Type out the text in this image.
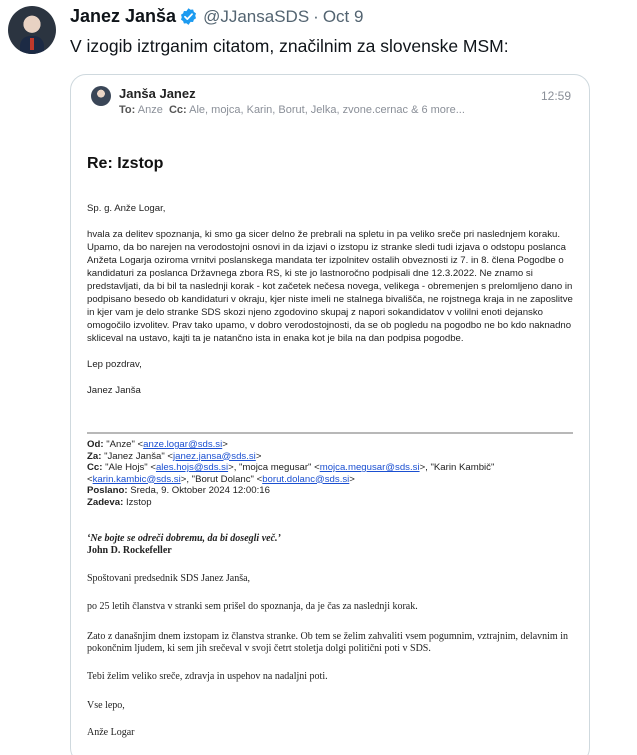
Janez Janša @JJansaSDS · Oct 9
V izogib iztrganim citatom, značilnim za slovenske MSM:
Janša Janez
To: Anze Cc: Ale, mojca, Karin, Borut, Jelka, zvone.cernac & 6 more...
12:59
Re: Izstop

Sp. g. Anže Logar,

hvala za delitev spoznanja, ki smo ga sicer delno že prebrali na spletu in pa veliko sreče pri naslednjem koraku. Upamo, da bo narejen na verodostojni osnovi in da izjavi o izstopu iz stranke sledi tudi izjava o odstopu poslanca Anžeta Logarja oziroma vrnitvi poslanskega mandata ter izpolnitev ostalih obveznosti iz 7. in 8. člena Pogodbe o kandidaturi za poslanca Državnega zbora RS, ki ste jo lastnoročno podpisali dne 12.3.2022. Ne znamo si predstavljati, da bi bil ta naslednji korak - kot začetek nečesa novega, velikega - obremenjen s prelomljeno dano in podpisano besedo ob kandidaturi v okraju, kjer niste imeli ne stalnega bivališča, ne rojstnega kraja in ne zaposlitve in kjer vam je delo stranke SDS skozi njeno zgodovino skupaj z napori sokandidatov v volilni enoti dejansko omogočilo izvolitev. Prav tako upamo, v dobro verodostojnosti, da se ob pogledu na pogodbo ne bo kdo naknadno skliceval na ustavo, kajti ta je natančno ista in enaka kot je bila na dan podpisa pogodbe.

Lep pozdrav,

Janez Janša

Od: "Anze" <anze.logar@sds.si>
Za: "Janez Janša" <janez.jansa@sds.si>
Cc: "Ale Hojs" <ales.hojs@sds.si>, "mojca megusar" <mojca.megusar@sds.si>, "Karin Kambič"
<karin.kambic@sds.si>, "Borut Dolanc" <borut.dolanc@sds.si>
Poslano: Sreda, 9. Oktober 2024 12:00:16
Zadeva: Izstop
‘Ne bojte se odreči dobremu, da bi dosegli več.’
John D. Rockefeller
Spoštovani predsednik SDS Janez Janša,
po 25 letih članstva v stranki sem prišel do spoznanja, da je čas za naslednji korak.
Zato z današnjim dnem izstopam iz članstva stranke. Ob tem se želim zahvaliti vsem pogumnim, vztrajnim, delavnim in pokončnim ljudem, ki sem jih srečeval v svoji četrt stoletja dolgi politični poti v SDS.
Tebi želim veliko sreče, zdravja in uspehov na nadaljni poti.
Vse lepo,
Anže Logar
